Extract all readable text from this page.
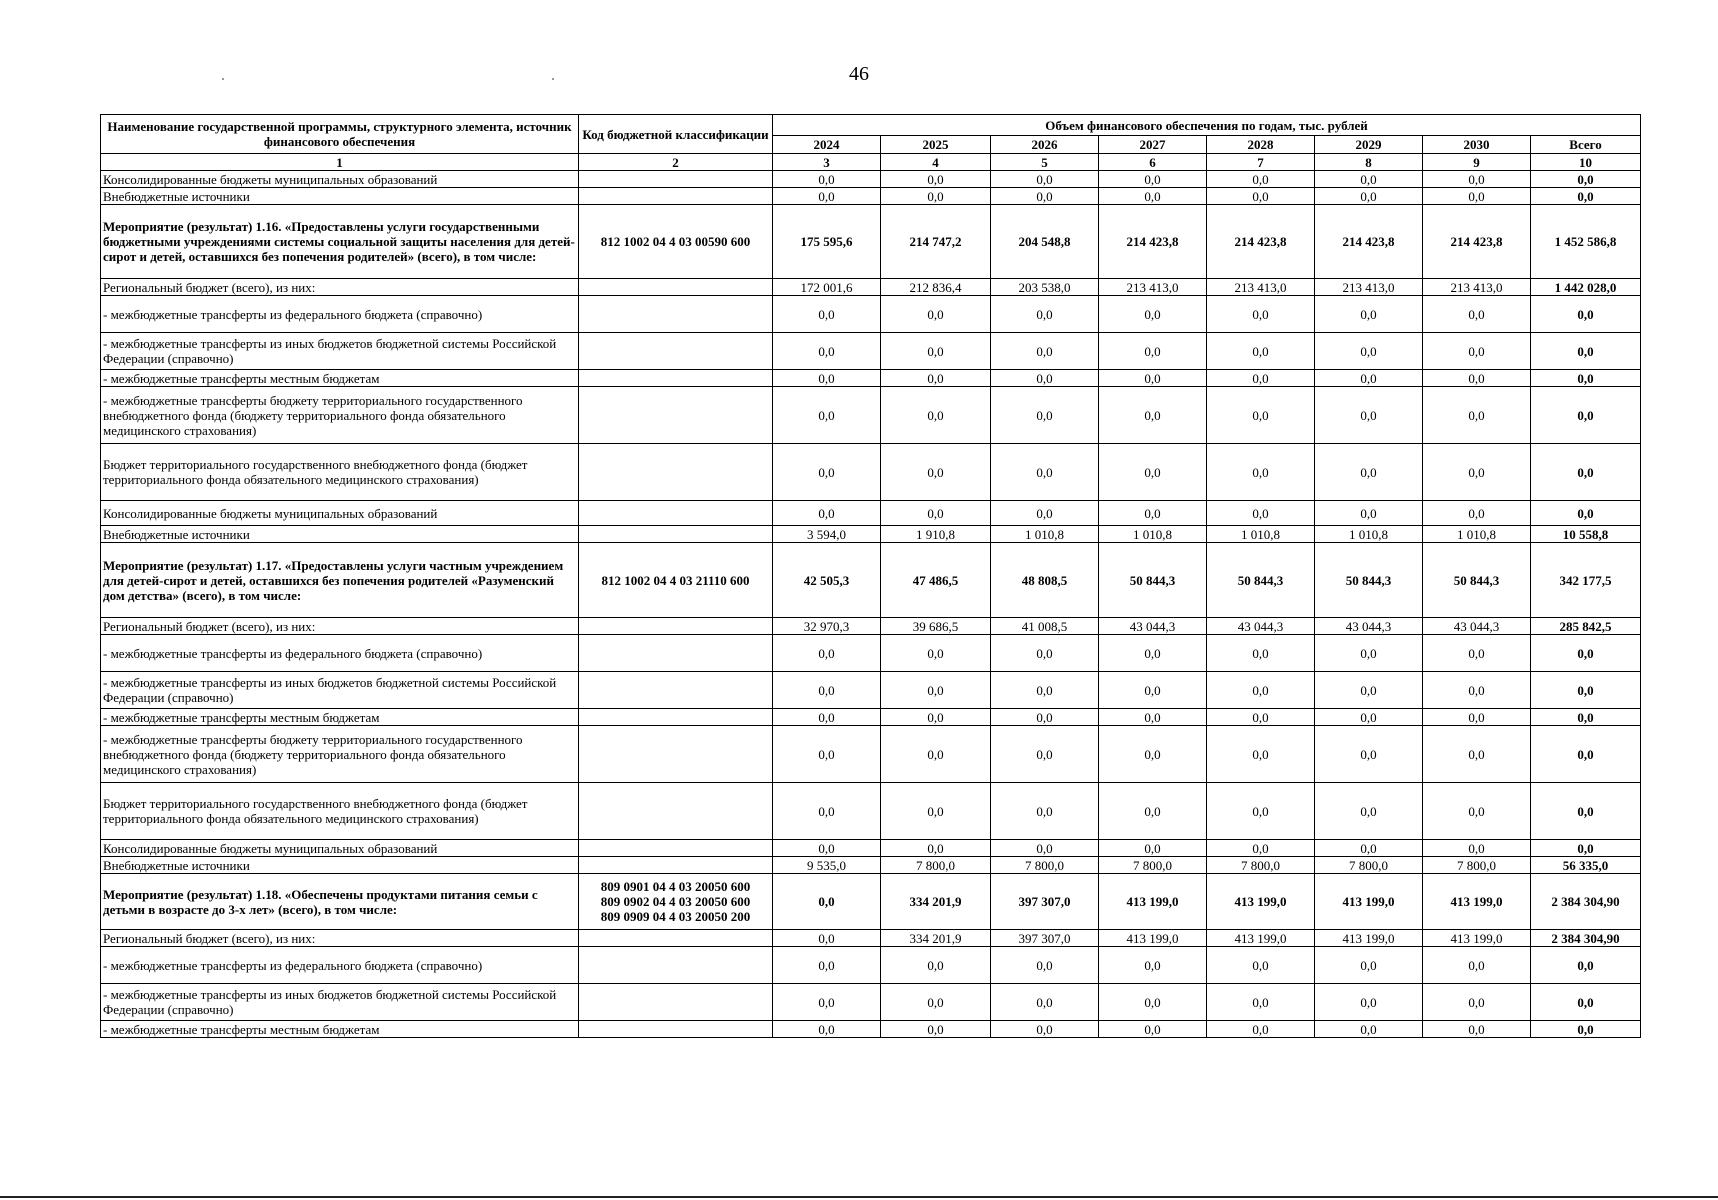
46
Наименование государственной программы, структурного элемента, источник финансового обеспечения	Код бюджетной классификации	Объем финансового обеспечения по годам, тыс. рублей							
		2024	2025	2026	2027	2028	2029	2030	Всего
1	2	3	4	5	6	7	8	9	10
Консолидированные бюджеты муниципальных образований		0,0	0,0	0,0	0,0	0,0	0,0	0,0	0,0
Внебюджетные источники		0,0	0,0	0,0	0,0	0,0	0,0	0,0	0,0
Мероприятие (результат) 1.16. «Предоставлены услуги государственными бюджетными учреждениями системы социальной защиты населения для детей-сирот и детей, оставшихся без попечения родителей» (всего), в том числе:	812 1002 04 4 03 00590 600	175 595,6	214 747,2	204 548,8	214 423,8	214 423,8	214 423,8	214 423,8	1 452 586,8
Региональный бюджет (всего), из них:		172 001,6	212 836,4	203 538,0	213 413,0	213 413,0	213 413,0	213 413,0	1 442 028,0
- межбюджетные трансферты из федерального бюджета (справочно)		0,0	0,0	0,0	0,0	0,0	0,0	0,0	0,0
- межбюджетные трансферты из иных бюджетов бюджетной системы Российской Федерации (справочно)		0,0	0,0	0,0	0,0	0,0	0,0	0,0	0,0
- межбюджетные трансферты местным бюджетам		0,0	0,0	0,0	0,0	0,0	0,0	0,0	0,0
- межбюджетные трансферты бюджету территориального государственного внебюджетного фонда (бюджету территориального фонда обязательного медицинского страхования)		0,0	0,0	0,0	0,0	0,0	0,0	0,0	0,0
Бюджет территориального государственного внебюджетного фонда (бюджет территориального фонда обязательного медицинского страхования)		0,0	0,0	0,0	0,0	0,0	0,0	0,0	0,0
Консолидированные бюджеты муниципальных образований		0,0	0,0	0,0	0,0	0,0	0,0	0,0	0,0
Внебюджетные источники		3 594,0	1 910,8	1 010,8	1 010,8	1 010,8	1 010,8	1 010,8	10 558,8
Мероприятие (результат) 1.17. «Предоставлены услуги частным учреждением для детей-сирот и детей, оставшихся без попечения родителей «Разуменский дом детства» (всего), в том числе:	812 1002 04 4 03 21110 600	42 505,3	47 486,5	48 808,5	50 844,3	50 844,3	50 844,3	50 844,3	342 177,5
Региональный бюджет (всего), из них:		32 970,3	39 686,5	41 008,5	43 044,3	43 044,3	43 044,3	43 044,3	285 842,5
- межбюджетные трансферты из федерального бюджета (справочно)		0,0	0,0	0,0	0,0	0,0	0,0	0,0	0,0
- межбюджетные трансферты из иных бюджетов бюджетной системы Российской Федерации (справочно)		0,0	0,0	0,0	0,0	0,0	0,0	0,0	0,0
- межбюджетные трансферты местным бюджетам		0,0	0,0	0,0	0,0	0,0	0,0	0,0	0,0
- межбюджетные трансферты бюджету территориального государственного внебюджетного фонда (бюджету территориального фонда обязательного медицинского страхования)		0,0	0,0	0,0	0,0	0,0	0,0	0,0	0,0
Бюджет территориального государственного внебюджетного фонда (бюджет территориального фонда обязательного медицинского страхования)		0,0	0,0	0,0	0,0	0,0	0,0	0,0	0,0
Консолидированные бюджеты муниципальных образований		0,0	0,0	0,0	0,0	0,0	0,0	0,0	0,0
Внебюджетные источники		9 535,0	7 800,0	7 800,0	7 800,0	7 800,0	7 800,0	7 800,0	56 335,0
Мероприятие (результат) 1.18. «Обеспечены продуктами питания семьи с детьми в возрасте до 3-х лет» (всего), в том числе:	809 0901 04 4 03 20050 600
809 0902 04 4 03 20050 600
809 0909 04 4 03 20050 200	0,0	334 201,9	397 307,0	413 199,0	413 199,0	413 199,0	413 199,0	2 384 304,90
Региональный бюджет (всего), из них:		0,0	334 201,9	397 307,0	413 199,0	413 199,0	413 199,0	413 199,0	2 384 304,90
- межбюджетные трансферты из федерального бюджета (справочно)		0,0	0,0	0,0	0,0	0,0	0,0	0,0	0,0
- межбюджетные трансферты из иных бюджетов бюджетной системы Российской Федерации (справочно)		0,0	0,0	0,0	0,0	0,0	0,0	0,0	0,0
- межбюджетные трансферты местным бюджетам		0,0	0,0	0,0	0,0	0,0	0,0	0,0	0,0
